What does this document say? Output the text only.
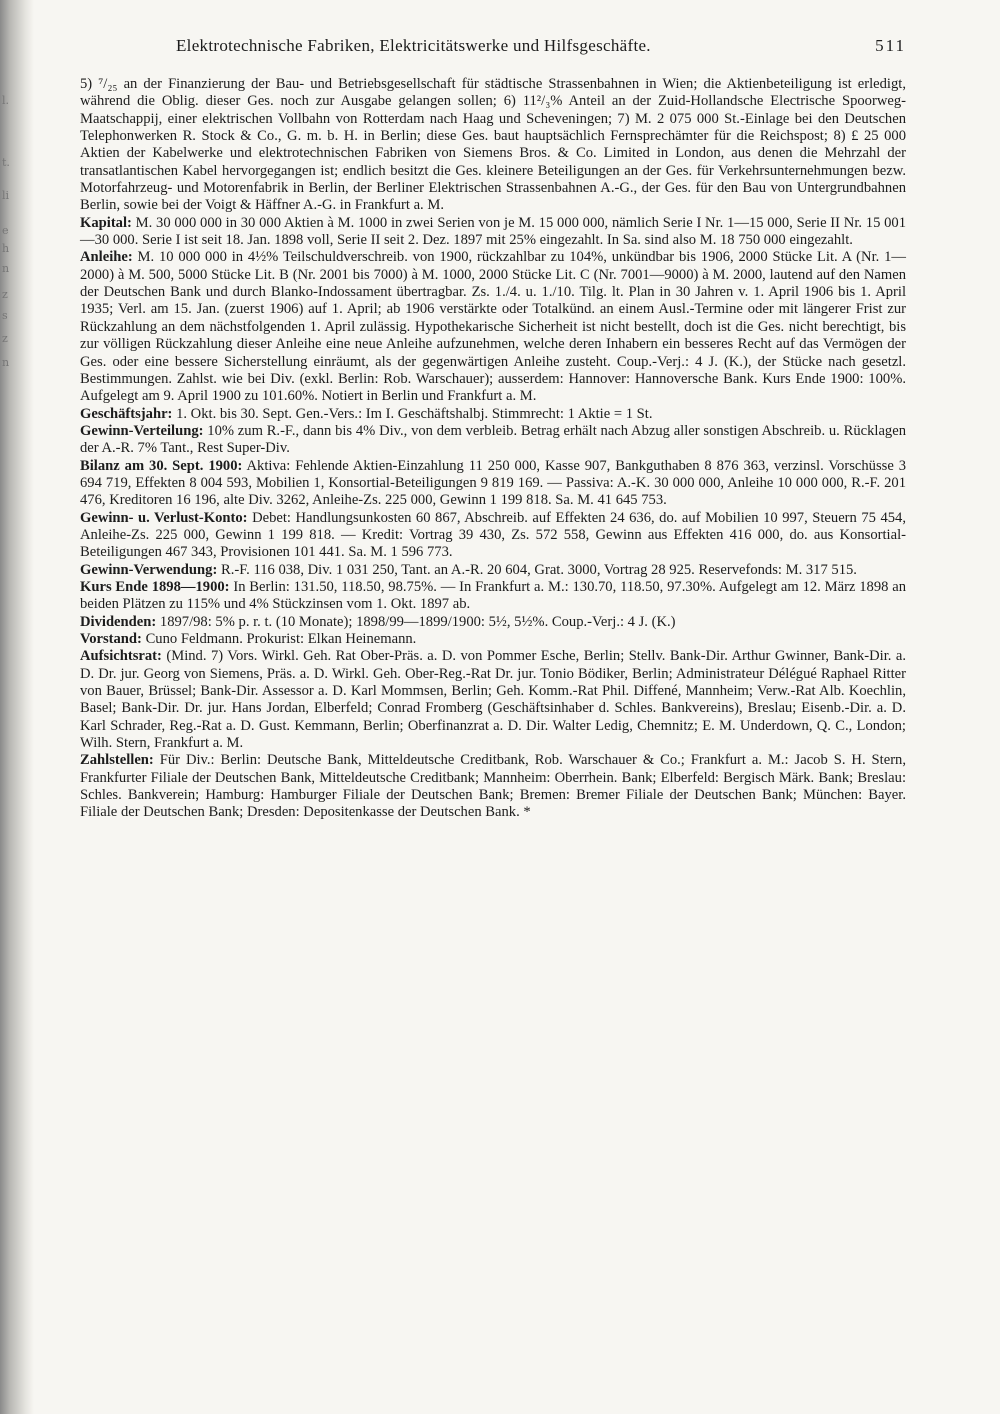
l.
t.
li
e
h
n
z
s
z
n
Elektrotechnische Fabriken, Elektricitätswerke und Hilfsgeschäfte.	511

5) ⁷/₂₅ an der Finanzierung der Bau- und Betriebsgesellschaft für städtische Strassenbahnen in Wien; die Aktienbeteiligung ist erledigt, während die Oblig. dieser Ges. noch zur Ausgabe gelangen sollen; 6) 11²/₃% Anteil an der Zuid-Hollandsche Electrische Spoorweg-Maatschappij, einer elektrischen Vollbahn von Rotterdam nach Haag und Scheveningen; 7) M. 2 075 000 St.-Einlage bei den Deutschen Telephonwerken R. Stock & Co., G. m. b. H. in Berlin; diese Ges. baut hauptsächlich Fernsprechämter für die Reichspost; 8) £ 25 000 Aktien der Kabelwerke und elektrotechnischen Fabriken von Siemens Bros. & Co. Limited in London, aus denen die Mehrzahl der transatlantischen Kabel hervorgegangen ist; endlich besitzt die Ges. kleinere Beteiligungen an der Ges. für Verkehrsunternehmungen bezw. Motorfahrzeug- und Motorenfabrik in Berlin, der Berliner Elektrischen Strassenbahnen A.-G., der Ges. für den Bau von Untergrundbahnen Berlin, sowie bei der Voigt & Häffner A.-G. in Frankfurt a. M.

Kapital: M. 30 000 000 in 30 000 Aktien à M. 1000 in zwei Serien von je M. 15 000 000, nämlich Serie I Nr. 1—15 000, Serie II Nr. 15 001—30 000. Serie I ist seit 18. Jan. 1898 voll, Serie II seit 2. Dez. 1897 mit 25% eingezahlt. In Sa. sind also M. 18 750 000 eingezahlt.

Anleihe: M. 10 000 000 in 4½% Teilschuldverschreib. von 1900, rückzahlbar zu 104%, unkündbar bis 1906, 2000 Stücke Lit. A (Nr. 1—2000) à M. 500, 5000 Stücke Lit. B (Nr. 2001 bis 7000) à M. 1000, 2000 Stücke Lit. C (Nr. 7001—9000) à M. 2000, lautend auf den Namen der Deutschen Bank und durch Blanko-Indossament übertragbar. Zs. 1./4. u. 1./10. Tilg. lt. Plan in 30 Jahren v. 1. April 1906 bis 1. April 1935; Verl. am 15. Jan. (zuerst 1906) auf 1. April; ab 1906 verstärkte oder Totalkünd. an einem Ausl.-Termine oder mit längerer Frist zur Rückzahlung an dem nächstfolgenden 1. April zulässig. Hypothekarische Sicherheit ist nicht bestellt, doch ist die Ges. nicht berechtigt, bis zur völligen Rückzahlung dieser Anleihe eine neue Anleihe aufzunehmen, welche deren Inhabern ein besseres Recht auf das Vermögen der Ges. oder eine bessere Sicherstellung einräumt, als der gegenwärtigen Anleihe zusteht. Coup.-Verj.: 4 J. (K.), der Stücke nach gesetzl. Bestimmungen. Zahlst. wie bei Div. (exkl. Berlin: Rob. Warschauer); ausserdem: Hannover: Hannoversche Bank. Kurs Ende 1900: 100%. Aufgelegt am 9. April 1900 zu 101.60%. Notiert in Berlin und Frankfurt a. M.

Geschäftsjahr: 1. Okt. bis 30. Sept. Gen.-Vers.: Im I. Geschäftshalbj. Stimmrecht: 1 Aktie = 1 St.

Gewinn-Verteilung: 10% zum R.-F., dann bis 4% Div., von dem verbleib. Betrag erhält nach Abzug aller sonstigen Abschreib. u. Rücklagen der A.-R. 7% Tant., Rest Super-Div.

Bilanz am 30. Sept. 1900: Aktiva: Fehlende Aktien-Einzahlung 11 250 000, Kasse 907, Bankguthaben 8 876 363, verzinsl. Vorschüsse 3 694 719, Effekten 8 004 593, Mobilien 1, Konsortial-Beteiligungen 9 819 169. — Passiva: A.-K. 30 000 000, Anleihe 10 000 000, R.-F. 201 476, Kreditoren 16 196, alte Div. 3262, Anleihe-Zs. 225 000, Gewinn 1 199 818. Sa. M. 41 645 753.

Gewinn- u. Verlust-Konto: Debet: Handlungsunkosten 60 867, Abschreib. auf Effekten 24 636, do. auf Mobilien 10 997, Steuern 75 454, Anleihe-Zs. 225 000, Gewinn 1 199 818. — Kredit: Vortrag 39 430, Zs. 572 558, Gewinn aus Effekten 416 000, do. aus Konsortial-Beteiligungen 467 343, Provisionen 101 441. Sa. M. 1 596 773.

Gewinn-Verwendung: R.-F. 116 038, Div. 1 031 250, Tant. an A.-R. 20 604, Grat. 3000, Vortrag 28 925. Reservefonds: M. 317 515.

Kurs Ende 1898—1900: In Berlin: 131.50, 118.50, 98.75%. — In Frankfurt a. M.: 130.70, 118.50, 97.30%. Aufgelegt am 12. März 1898 an beiden Plätzen zu 115% und 4% Stückzinsen vom 1. Okt. 1897 ab.

Dividenden: 1897/98: 5% p. r. t. (10 Monate); 1898/99—1899/1900: 5½, 5½%. Coup.-Verj.: 4 J. (K.)

Vorstand: Cuno Feldmann. Prokurist: Elkan Heinemann.

Aufsichtsrat: (Mind. 7) Vors. Wirkl. Geh. Rat Ober-Präs. a. D. von Pommer Esche, Berlin; Stellv. Bank-Dir. Arthur Gwinner, Bank-Dir. a. D. Dr. jur. Georg von Siemens, Präs. a. D. Wirkl. Geh. Ober-Reg.-Rat Dr. jur. Tonio Bödiker, Berlin; Administrateur Délégué Raphael Ritter von Bauer, Brüssel; Bank-Dir. Assessor a. D. Karl Mommsen, Berlin; Geh. Komm.-Rat Phil. Diffené, Mannheim; Verw.-Rat Alb. Koechlin, Basel; Bank-Dir. Dr. jur. Hans Jordan, Elberfeld; Conrad Fromberg (Geschäftsinhaber d. Schles. Bankvereins), Breslau; Eisenb.-Dir. a. D. Karl Schrader, Reg.-Rat a. D. Gust. Kemmann, Berlin; Oberfinanzrat a. D. Dir. Walter Ledig, Chemnitz; E. M. Underdown, Q. C., London; Wilh. Stern, Frankfurt a. M.

Zahlstellen: Für Div.: Berlin: Deutsche Bank, Mitteldeutsche Creditbank, Rob. Warschauer & Co.; Frankfurt a. M.: Jacob S. H. Stern, Frankfurter Filiale der Deutschen Bank, Mitteldeutsche Creditbank; Mannheim: Oberrhein. Bank; Elberfeld: Bergisch Märk. Bank; Breslau: Schles. Bankverein; Hamburg: Hamburger Filiale der Deutschen Bank; Bremen: Bremer Filiale der Deutschen Bank; München: Bayer. Filiale der Deutschen Bank; Dresden: Depositenkasse der Deutschen Bank. *
